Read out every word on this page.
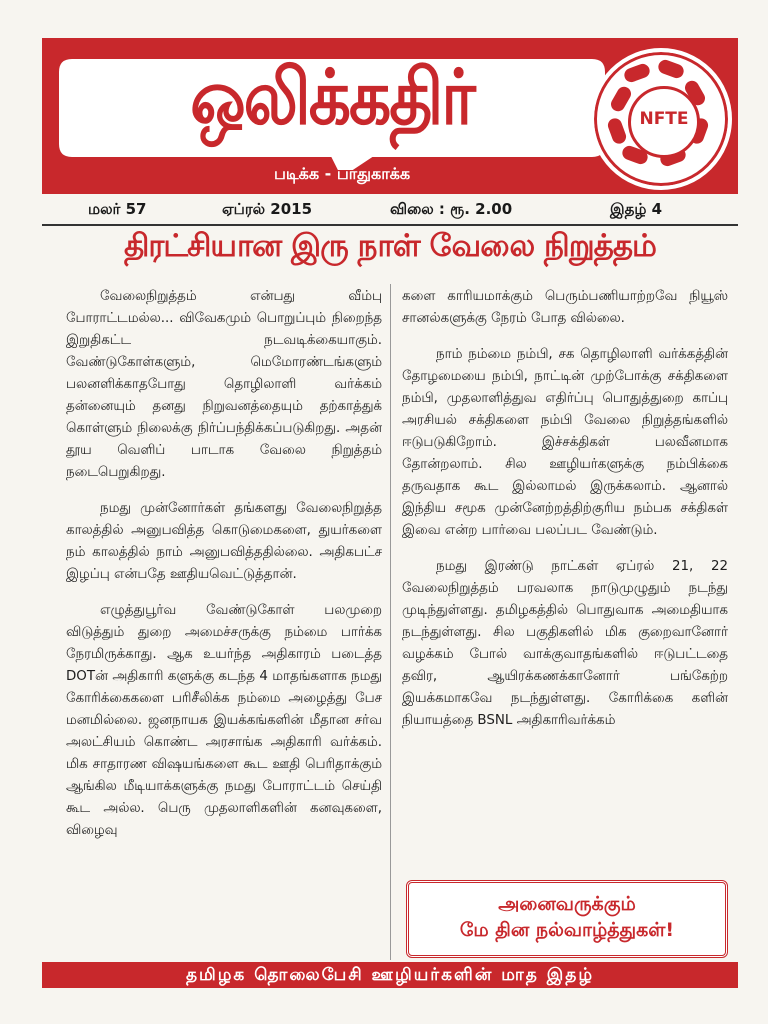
ஒலிக்கதிர்
படிக்க - பாதுகாக்க
NFTE
மலர் 57	ஏப்ரல் 2015	விலை : ரூ. 2.00	இதழ் 4
திரட்சியான இரு நாள் வேலை நிறுத்தம்

வேலைநிறுத்தம் என்பது வீம்பு போராட்டமல்ல... விவேகமும் பொறுப்பும் நிறைந்த இறுதிகட்ட நடவடிக்கையாகும். வேண்டுகோள்களும், மெமோரண்டங்களும் பலனளிக்காதபோது தொழிலாளி வர்க்கம் தன்னையும் தனது நிறுவனத்தையும் தற்காத்துக் கொள்ளும் நிலைக்கு நிர்ப்பந்திக்கப்படுகிறது. அதன் தூய வெளிப் பாடாக வேலை நிறுத்தம் நடைபெறுகிறது.

நமது முன்னோர்கள் தங்களது வேலைநிறுத்த காலத்தில் அனுபவித்த கொடுமைகளை, துயர்களை நம் காலத்தில் நாம் அனுபவித்ததில்லை. அதிகபட்ச இழப்பு என்பதே ஊதியவெட்டுத்தான்.

எழுத்துபூர்வ வேண்டுகோள் பலமுறை விடுத்தும் துறை அமைச்சருக்கு நம்மை பார்க்க நேரமிருக்காது. ஆக உயர்ந்த அதிகாரம் படைத்த DOTன் அதிகாரி களுக்கு கடந்த 4 மாதங்களாக நமது கோரிக்கைகளை பரிசீலிக்க நம்மை அழைத்து பேச மனமில்லை. ஜனநாயக இயக்கங்களின் மீதான சர்வ அலட்சியம் கொண்ட அரசாங்க அதிகாரி வர்க்கம். மிக சாதாரண விஷயங்களை கூட ஊதி பெரிதாக்கும் ஆங்கில மீடியாக்களுக்கு நமது போராட்டம் செய்தி கூட அல்ல. பெரு முதலாளிகளின் கனவுகளை, விழைவு

களை காரியமாக்கும் பெரும்பணியாற்றவே நியூஸ் சானல்களுக்கு நேரம் போத வில்லை.

நாம் நம்மை நம்பி, சக தொழிலாளி வர்க்கத்தின் தோழமையை நம்பி, நாட்டின் முற்போக்கு சக்திகளை நம்பி, முதலாளித்துவ எதிர்ப்பு பொதுத்துறை காப்பு அரசியல் சக்திகளை நம்பி வேலை நிறுத்தங்களில் ஈடுபடுகிறோம். இச்சக்திகள் பலவீனமாக தோன்றலாம். சில ஊழியர்களுக்கு நம்பிக்கை தருவதாக கூட இல்லாமல் இருக்கலாம். ஆனால் இந்திய சமூக முன்னேற்றத்திற்குரிய நம்பக சக்திகள் இவை என்ற பார்வை பலப்பட வேண்டும்.

நமது இரண்டு நாட்கள் ஏப்ரல் 21, 22 வேலைநிறுத்தம் பரவலாக நாடுமுழுதும் நடந்து முடிந்துள்ளது. தமிழகத்தில் பொதுவாக அமைதியாக நடந்துள்ளது. சில பகுதிகளில் மிக குறைவானோர் வழக்கம் போல் வாக்குவாதங்களில் ஈடுபட்டதை தவிர, ஆயிரக்கணக்கானோர் பங்கேற்ற இயக்கமாகவே நடந்துள்ளது. கோரிக்கை களின் நியாயத்தை BSNL அதிகாரிவர்க்கம்

அனைவருக்கும்
மே தின நல்வாழ்த்துகள்!
தமிழக தொலைபேசி ஊழியர்களின் மாத இதழ்
